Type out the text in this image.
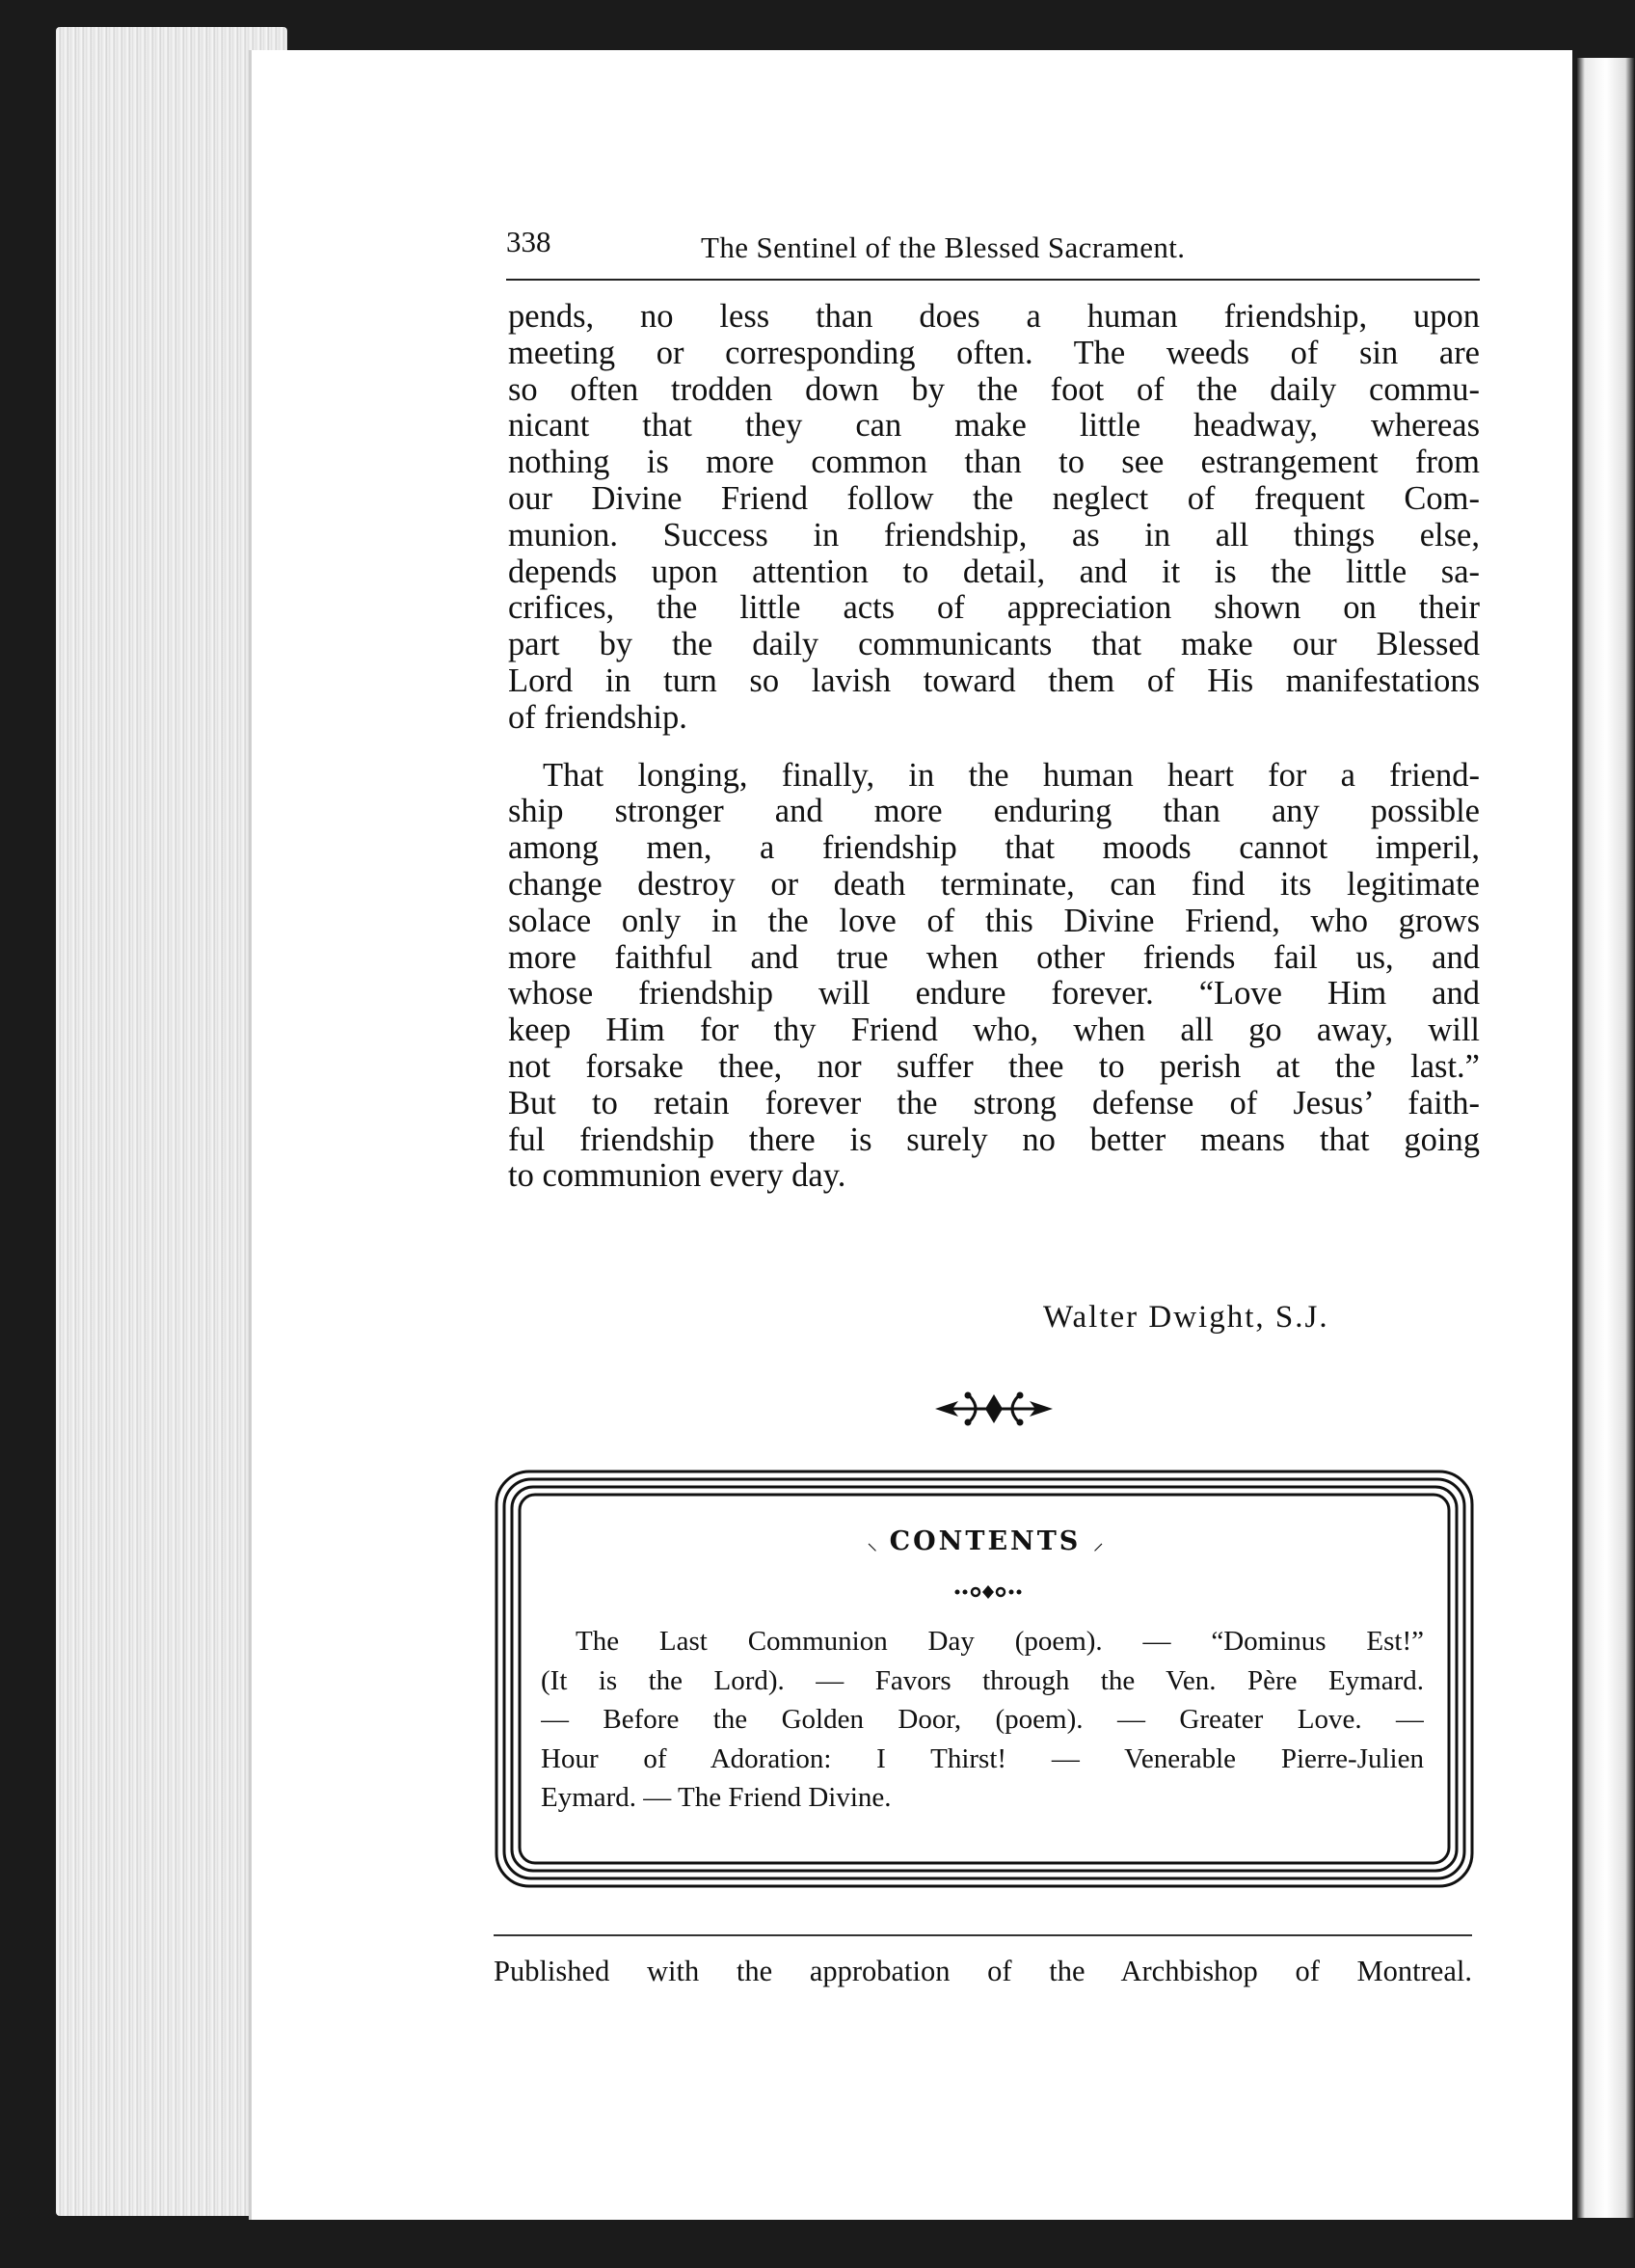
338	The Sentinel of the Blessed Sacrament.

pends, no less than does a human friendship, upon
meeting or corresponding often. The weeds of sin are
so often trodden down by the foot of the daily commu-
nicant that they can make little headway, whereas
nothing is more common than to see estrangement from
our Divine Friend follow the neglect of frequent Com-
munion. Success in friendship, as in all things else,
depends upon attention to detail, and it is the little sa-
crifices, the little acts of appreciation shown on their
part by the daily communicants that make our Blessed
Lord in turn so lavish toward them of His manifestations
of friendship.

That longing, finally, in the human heart for a friend-
ship stronger and more enduring than any possible
among men, a friendship that moods cannot imperil,
change destroy or death terminate, can find its legitimate
solace only in the love of this Divine Friend, who grows
more faithful and true when other friends fail us, and
whose friendship will endure forever. “Love Him and
keep Him for thy Friend who, when all go away, will
not forsake thee, nor suffer thee to perish at the last.”
But to retain forever the strong defense of Jesus’ faith-
ful friendship there is surely no better means that going
to communion every day.

Walter Dwight, S.J.
⸜ CONTENTS ⸝
The Last Communion Day (poem). — “Dominus Est!”
(It is the Lord). — Favors through the Ven. Père Eymard.
— Before the Golden Door, (poem). — Greater Love. —
Hour of Adoration: I Thirst! — Venerable Pierre-Julien
Eymard. — The Friend Divine.
Published with the approbation of the Archbishop of Montreal.
